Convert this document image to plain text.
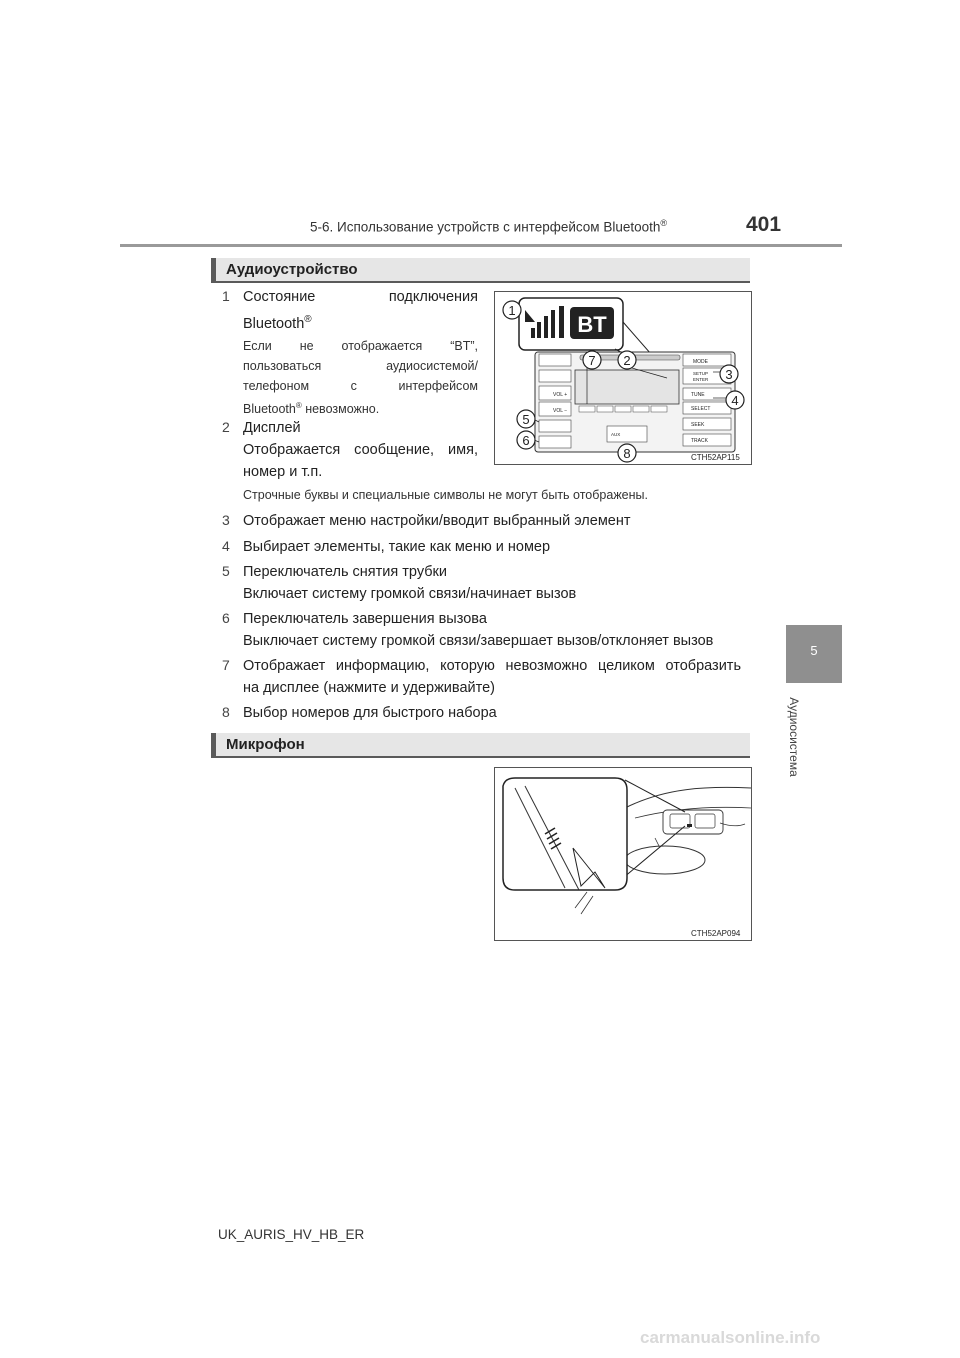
5-6. Использование устройств с интерфейсом Bluetooth®	401
5
Аудиосистема
Аудиоустройство
1 Состояние подключения
Bluetooth®
Если не отображается “BT”,
пользоваться аудиосистемой/
телефоном с интерфейсом
Bluetooth® невозможно.
2 Дисплей
Отображается сообщение, имя,
номер и т.п.
Строчные буквы и специальные символы не могут быть отображены.
3 Отображает меню настройки/вводит выбранный элемент
4 Выбирает элементы, такие как меню и номер
5 Переключатель снятия трубки
Включает систему громкой связи/начинает вызов
6 Переключатель завершения вызова
Выключает систему громкой связи/завершает вызов/отклоняет вызов
7 Отображает информацию, которую невозможно целиком отобразить
на дисплее (нажмите и удерживайте)
8 Выбор номеров для быстрого набора
BT
VOL +
VOL −
MODE
SETUP
ENTER
TUNE
SELECT
SEEK
TRACK
AUX
1
2
3
4
5
6
7
8	CTH52AP115
Микрофон
CTH52AP094
UK_AURIS_HV_HB_ER
carmanualsonline.info
